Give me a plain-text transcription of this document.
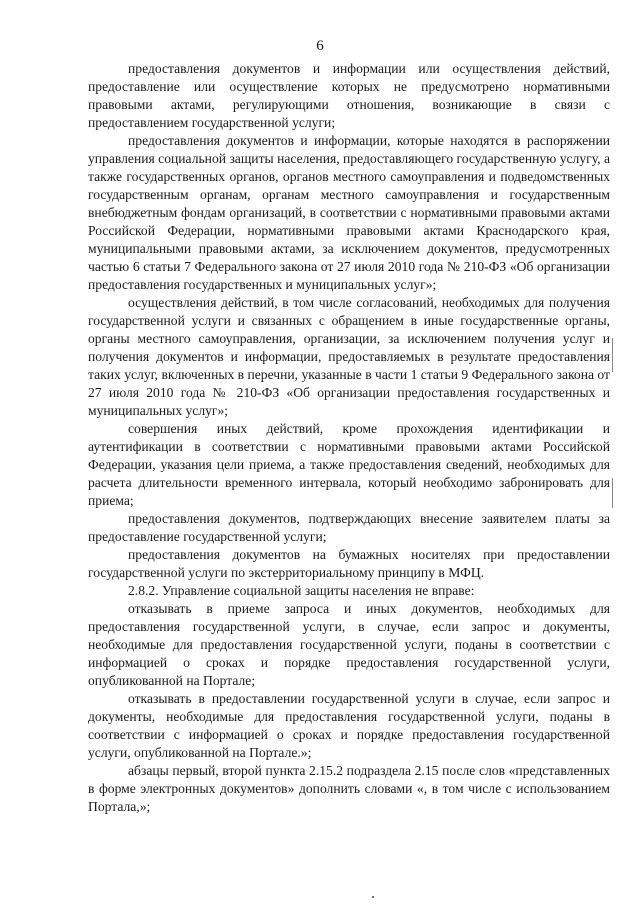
6

предоставления документов и информации или осуществления действий, предоставление или осуществление которых не предусмотрено нормативными правовыми актами, регулирующими отношения, возникающие в связи с предоставлением государственной услуги;

предоставления документов и информации, которые находятся в распоряжении управления социальной защиты населения, предоставляющего государственную услугу, а также государственных органов, органов местного самоуправления и подведомственных государственным органам, органам местного самоуправления и государственным внебюджетным фондам организаций, в соответствии с нормативными правовыми актами Российской Федерации, нормативными правовыми актами Краснодарского края, муниципальными правовыми актами, за исключением документов, предусмотренных частью 6 статьи 7 Федерального закона от 27 июля 2010 года № 210-ФЗ «Об организации предоставления государственных и муниципальных услуг»;

осуществления действий, в том числе согласований, необходимых для получения государственной услуги и связанных с обращением в иные государственные органы, органы местного самоуправления, организации, за исключением получения услуг и получения документов и информации, предоставляемых в результате предоставления таких услуг, включенных в перечни, указанные в части 1 статьи 9 Федерального закона от 27 июля 2010 года № 210-ФЗ «Об организации предоставления государственных и муниципальных услуг»;

совершения иных действий, кроме прохождения идентификации и аутентификации в соответствии с нормативными правовыми актами Российской Федерации, указания цели приема, а также предоставления сведений, необходимых для расчета длительности временного интервала, который необходимо забронировать для приема;

предоставления документов, подтверждающих внесение заявителем платы за предоставление государственной услуги;

предоставления документов на бумажных носителях при предоставлении государственной услуги по экстерриториальному принципу в МФЦ.

2.8.2. Управление социальной защиты населения не вправе:

отказывать в приеме запроса и иных документов, необходимых для предоставления государственной услуги, в случае, если запрос и документы, необходимые для предоставления государственной услуги, поданы в соответствии с информацией о сроках и порядке предоставления государственной услуги, опубликованной на Портале;

отказывать в предоставлении государственной услуги в случае, если запрос и документы, необходимые для предоставления государственной услуги, поданы в соответствии с информацией о сроках и порядке предоставления государственной услуги, опубликованной на Портале.»;

абзацы первый, второй пункта 2.15.2 подраздела 2.15 после слов «представленных в форме электронных документов» дополнить словами «, в том числе с использованием Портала,»;
